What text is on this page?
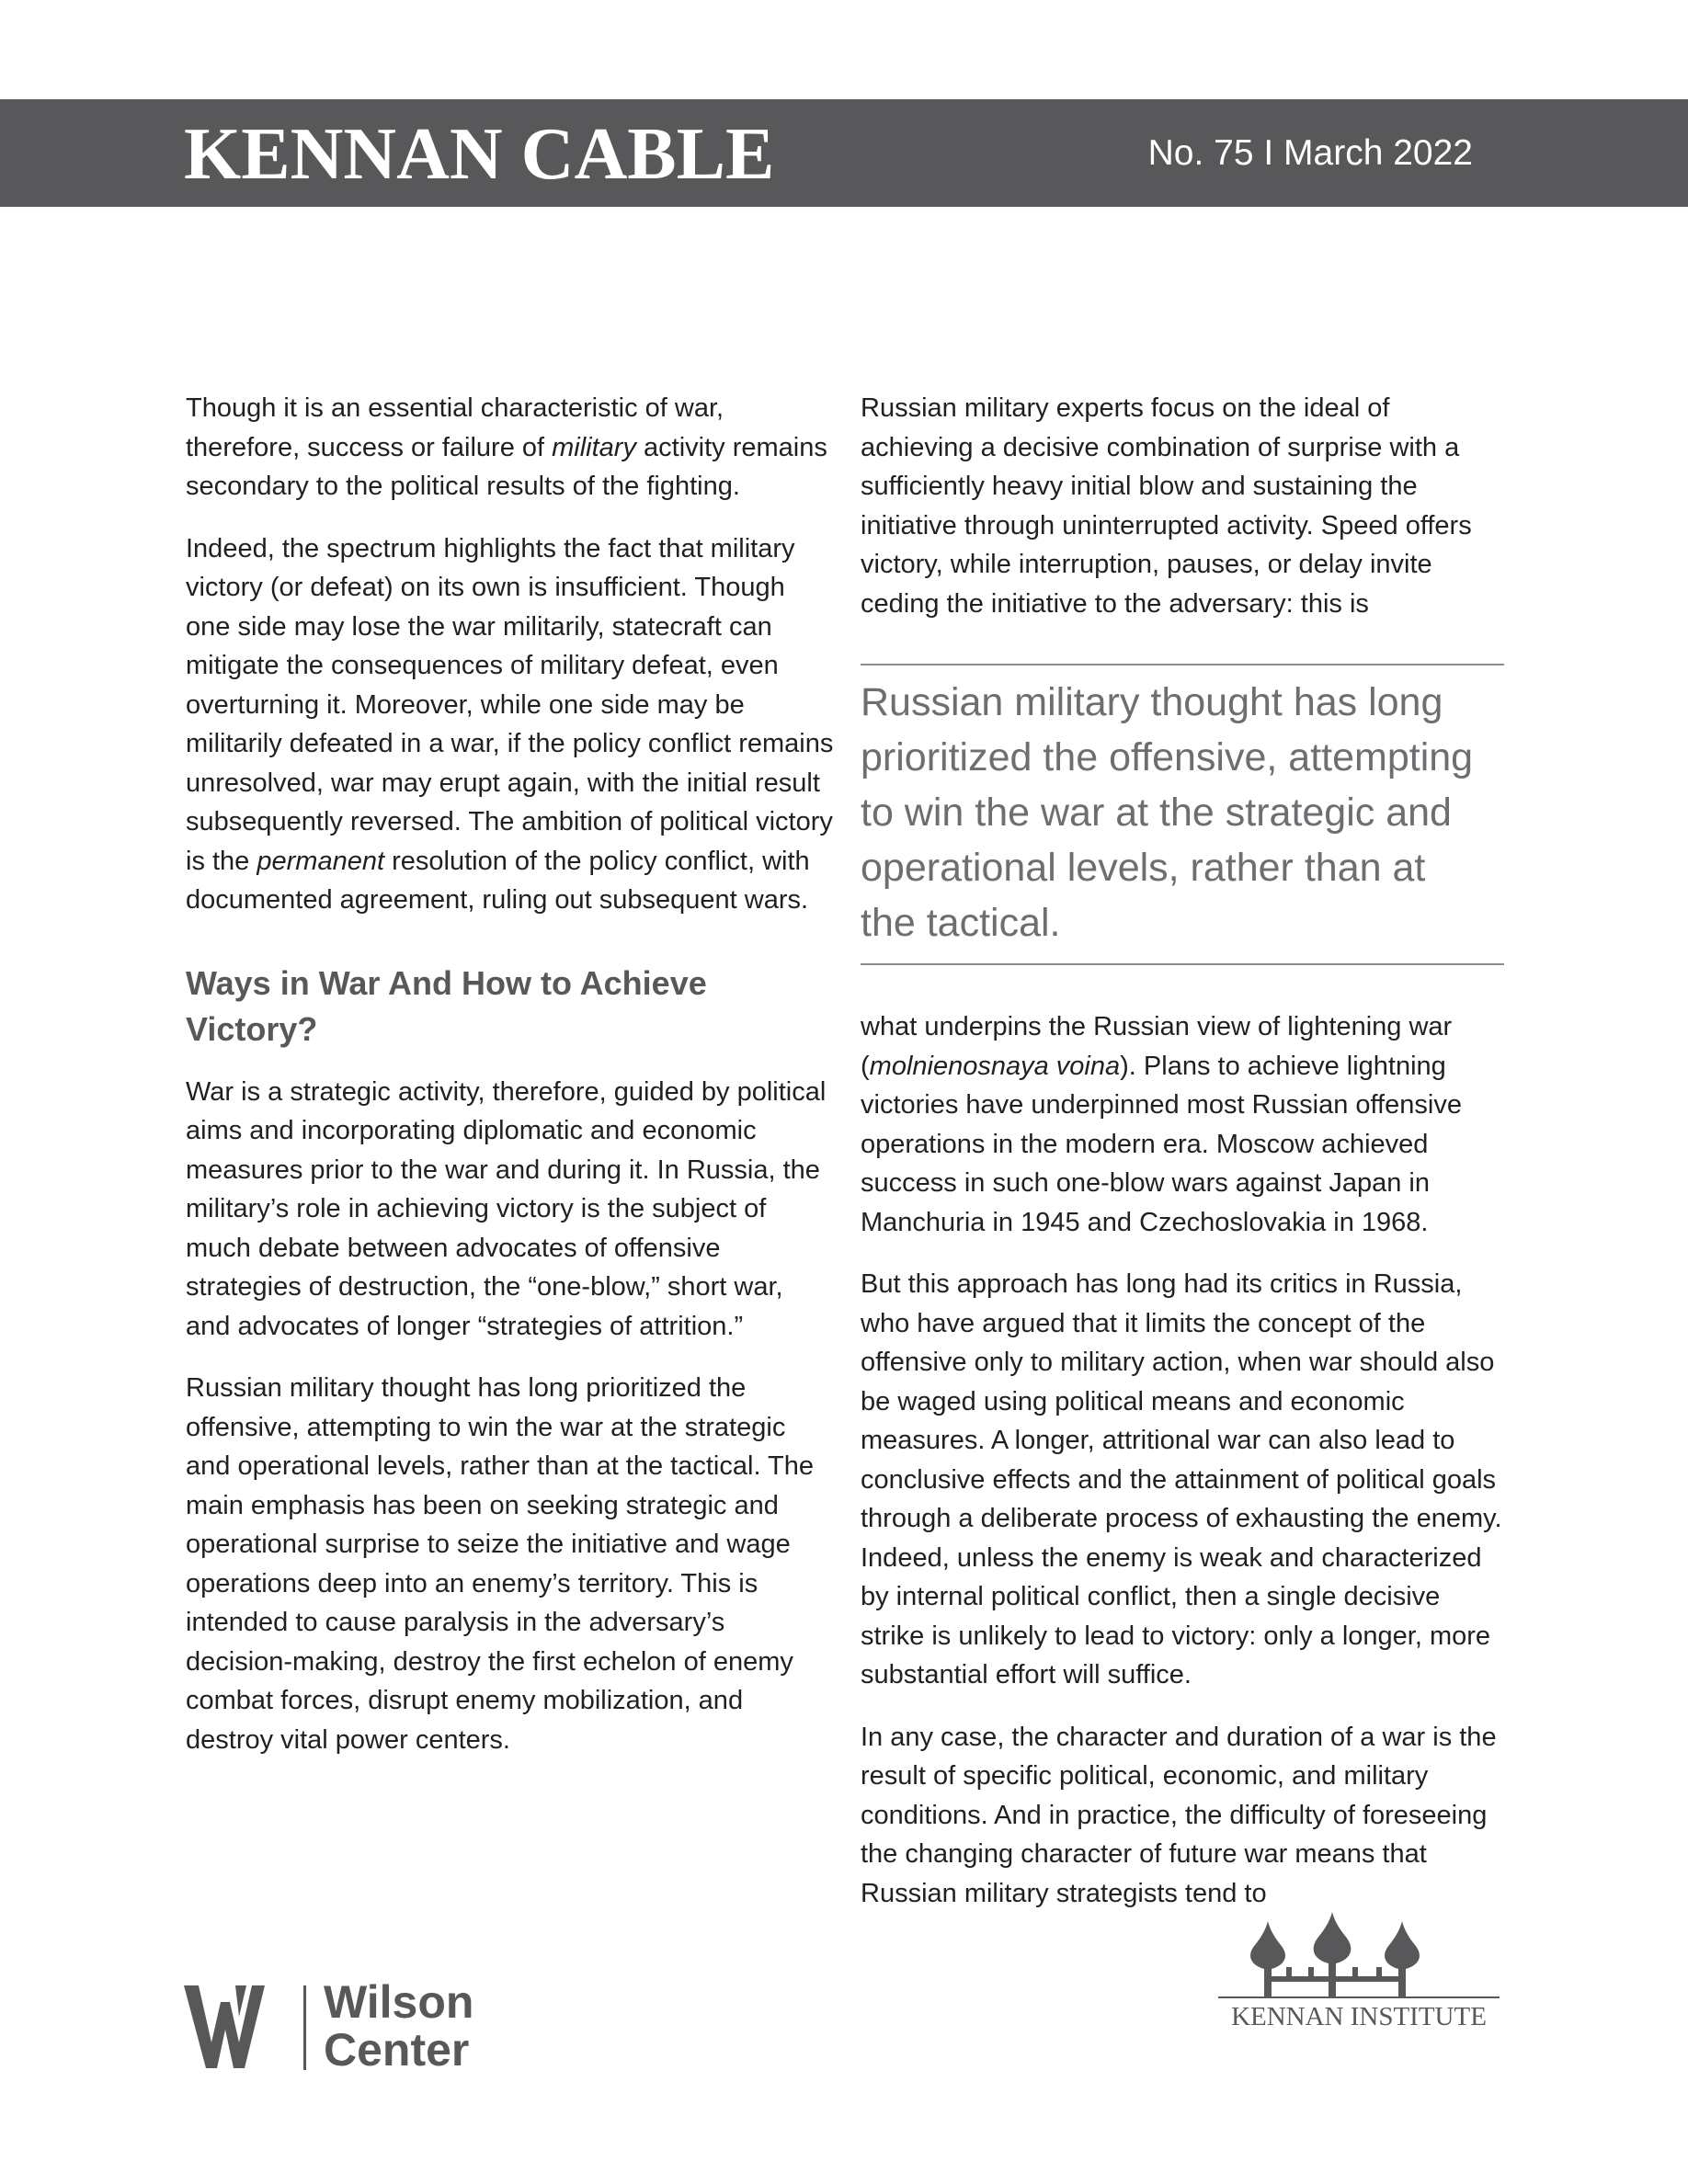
KENNAN CABLE	No. 75 I March 2022

Though it is an essential characteristic of war, therefore, success or failure of military activity remains secondary to the political results of the fighting.

Indeed, the spectrum highlights the fact that military victory (or defeat) on its own is insufficient. Though one side may lose the war militarily, statecraft can mitigate the consequences of military defeat, even overturning it. Moreover, while one side may be militarily defeated in a war, if the policy conflict remains unresolved, war may erupt again, with the initial result subsequently reversed. The ambition of political victory is the permanent resolution of the policy conflict, with documented agreement, ruling out subsequent wars.

Ways in War And How to Achieve Victory?

War is a strategic activity, therefore, guided by political aims and incorporating diplomatic and economic measures prior to the war and during it. In Russia, the military’s role in achieving victory is the subject of much debate between advocates of offensive strategies of destruction, the “one-blow,” short war, and advocates of longer “strategies of attrition.”

Russian military thought has long prioritized the offensive, attempting to win the war at the strategic and operational levels, rather than at the tactical. The main emphasis has been on seeking strategic and operational surprise to seize the initiative and wage operations deep into an enemy’s territory. This is intended to cause paralysis in the adversary’s decision-making, destroy the first echelon of enemy combat forces, disrupt enemy mobilization, and destroy vital power centers.

Russian military experts focus on the ideal of achieving a decisive combination of surprise with a sufficiently heavy initial blow and sustaining the initiative through uninterrupted activity. Speed offers victory, while interruption, pauses, or delay invite ceding the initiative to the adversary: this is

Russian military thought has long prioritized the offensive, attempting to win the war at the strategic and operational levels, rather than at the tactical.

what underpins the Russian view of lightening war (molnienosnaya voina). Plans to achieve lightning victories have underpinned most Russian offensive operations in the modern era. Moscow achieved success in such one-blow wars against Japan in Manchuria in 1945 and Czechoslovakia in 1968.

But this approach has long had its critics in Russia, who have argued that it limits the concept of the offensive only to military action, when war should also be waged using political means and economic measures. A longer, attritional war can also lead to conclusive effects and the attainment of political goals through a deliberate process of exhausting the enemy. Indeed, unless the enemy is weak and characterized by internal political conflict, then a single decisive strike is unlikely to lead to victory: only a longer, more substantial effort will suffice.

In any case, the character and duration of a war is the result of specific political, economic, and military conditions. And in practice, the difficulty of foreseeing the changing character of future war means that Russian military strategists tend to

Wilson
Center
KENNAN INSTITUTE
